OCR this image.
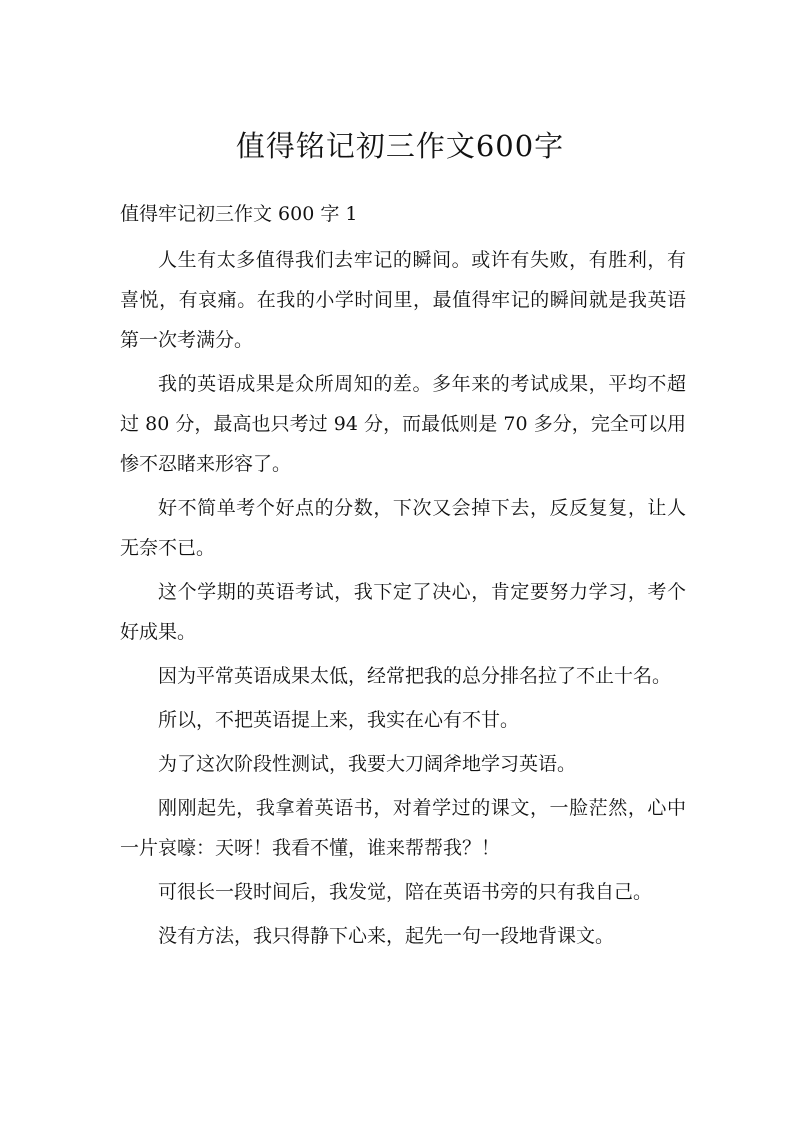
值得铭记初三作文600字

值得牢记初三作文 600 字 1

人生有太多值得我们去牢记的瞬间。或许有失败，有胜利，有喜悦，有哀痛。在我的小学时间里，最值得牢记的瞬间就是我英语第一次考满分。

我的英语成果是众所周知的差。多年来的考试成果，平均不超过 80 分，最高也只考过 94 分，而最低则是 70 多分，完全可以用惨不忍睹来形容了。

好不简单考个好点的分数，下次又会掉下去，反反复复，让人无奈不已。

这个学期的英语考试，我下定了决心，肯定要努力学习，考个好成果。

因为平常英语成果太低，经常把我的总分排名拉了不止十名。

所以，不把英语提上来，我实在心有不甘。

为了这次阶段性测试，我要大刀阔斧地学习英语。

刚刚起先，我拿着英语书，对着学过的课文，一脸茫然，心中一片哀嚎：天呀！我看不懂，谁来帮帮我？！

可很长一段时间后，我发觉，陪在英语书旁的只有我自己。

没有方法，我只得静下心来，起先一句一段地背课文。
